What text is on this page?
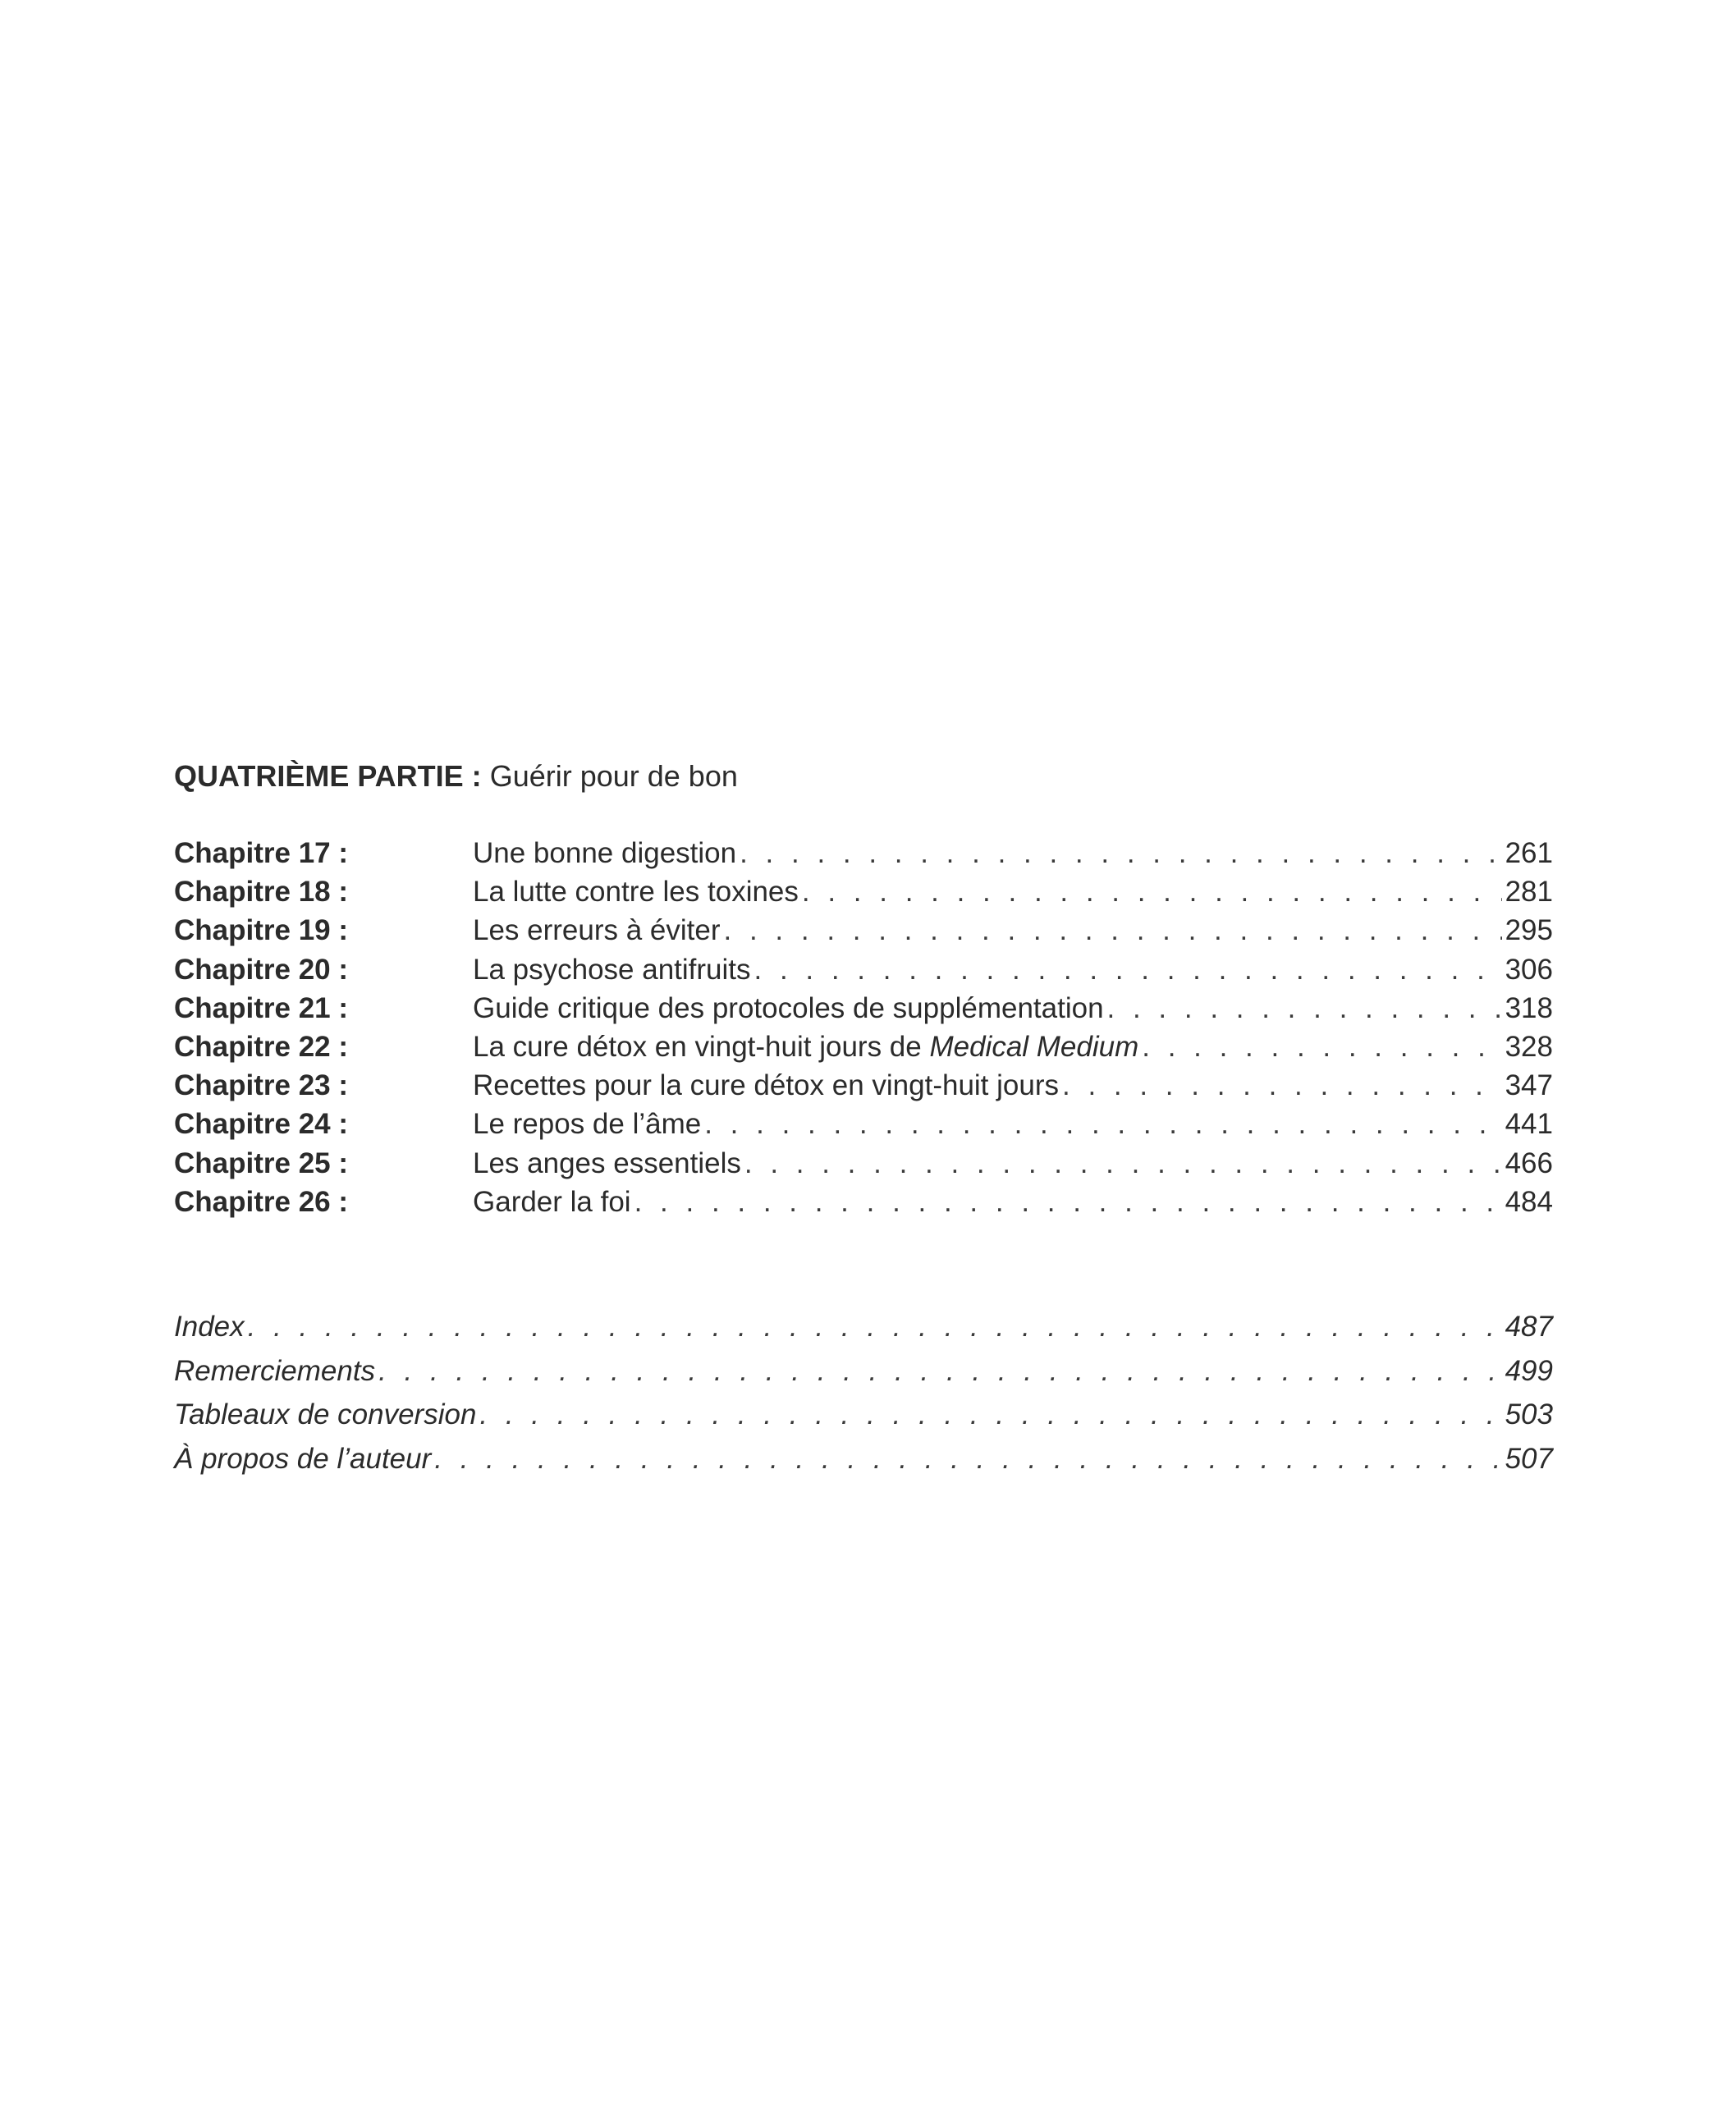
QUATRIÈME PARTIE : Guérir pour de bon
Chapitre 17 :	Une bonne digestion . . .	261
Chapitre 18 :	La lutte contre les toxines . . .	281
Chapitre 19 :	Les erreurs à éviter . . .	295
Chapitre 20 :	La psychose antifruits . . .	306
Chapitre 21 :	Guide critique des protocoles de supplémentation . . .	318
Chapitre 22 :	La cure détox en vingt-huit jours de Medical Medium . . .	328
Chapitre 23 :	Recettes pour la cure détox en vingt-huit jours . . .	347
Chapitre 24 :	Le repos de l’âme . . .	441
Chapitre 25 :	Les anges essentiels . . .	466
Chapitre 26 :	Garder la foi . . .	484
Index . . .	487
Remerciements . . .	499
Tableaux de conversion . . .	503
À propos de l’auteur . . .	507
